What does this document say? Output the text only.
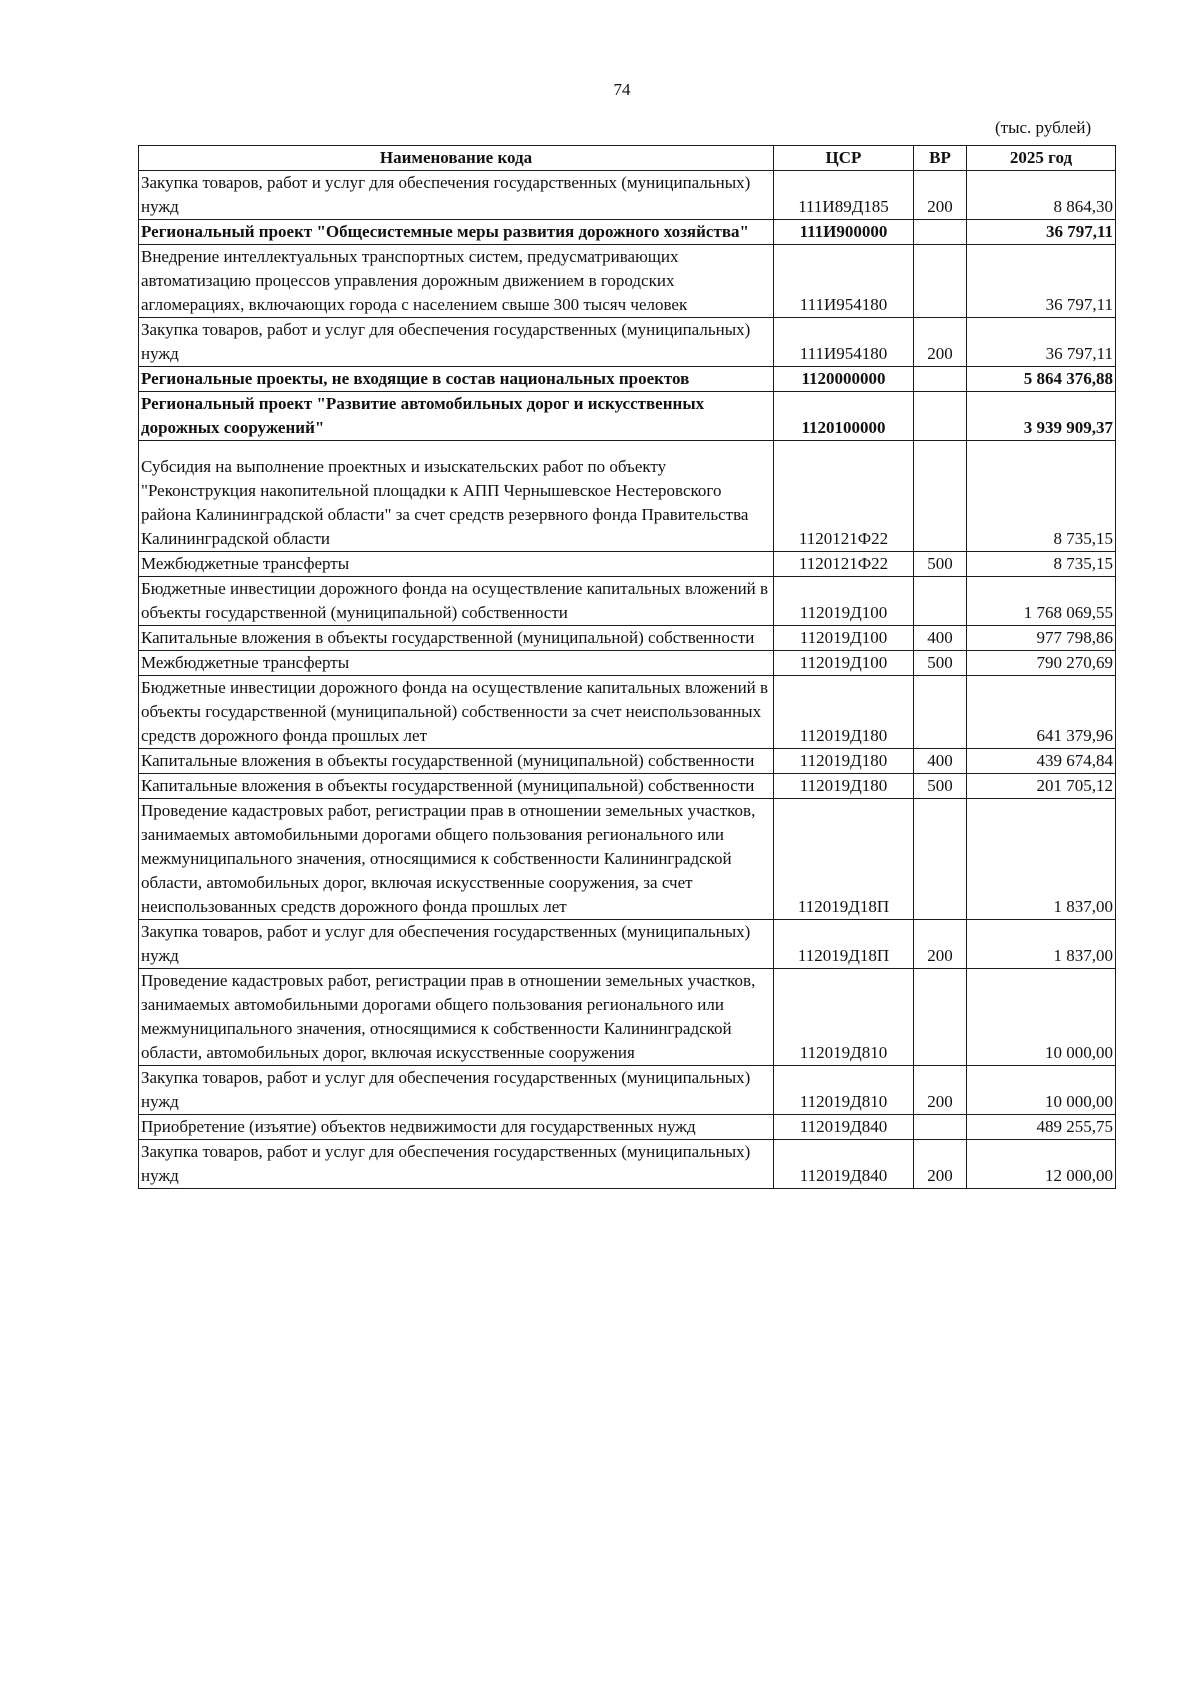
74
(тыс. рублей)
Наименование кода	ЦСР	ВР	2025 год
Закупка товаров, работ и услуг для обеспечения государственных (муниципальных) нужд	111И89Д185	200	8 864,30
Региональный проект "Общесистемные меры развития дорожного хозяйства"	111И900000		36 797,11
Внедрение интеллектуальных транспортных систем, предусматривающих автоматизацию процессов управления дорожным движением в городских агломерациях, включающих города с населением свыше 300 тысяч человек	111И954180		36 797,11
Закупка товаров, работ и услуг для обеспечения государственных (муниципальных) нужд	111И954180	200	36 797,11
Региональные проекты, не входящие в состав национальных проектов	1120000000		5 864 376,88
Региональный проект "Развитие автомобильных дорог и искусственных дорожных сооружений"	1120100000		3 939 909,37
Субсидия на выполнение проектных и изыскательских работ по объекту "Реконструкция накопительной площадки к АПП Чернышевское Нестеровского района Калининградской области" за счет средств резервного фонда Правительства Калининградской области	1120121Ф22		8 735,15
Межбюджетные трансферты	1120121Ф22	500	8 735,15
Бюджетные инвестиции дорожного фонда на осуществление капитальных вложений в объекты государственной (муниципальной) собственности	112019Д100		1 768 069,55
Капитальные вложения в объекты государственной (муниципальной) собственности	112019Д100	400	977 798,86
Межбюджетные трансферты	112019Д100	500	790 270,69
Бюджетные инвестиции дорожного фонда на осуществление капитальных вложений в объекты государственной (муниципальной) собственности за счет неиспользованных средств дорожного фонда прошлых лет	112019Д180		641 379,96
Капитальные вложения в объекты государственной (муниципальной) собственности	112019Д180	400	439 674,84
Капитальные вложения в объекты государственной (муниципальной) собственности	112019Д180	500	201 705,12
Проведение кадастровых работ, регистрации прав в отношении земельных участков, занимаемых автомобильными дорогами общего пользования регионального или межмуниципального значения, относящимися к собственности Калининградской области, автомобильных дорог, включая искусственные сооружения, за счет неиспользованных средств дорожного фонда прошлых лет	112019Д18П		1 837,00
Закупка товаров, работ и услуг для обеспечения государственных (муниципальных) нужд	112019Д18П	200	1 837,00
Проведение кадастровых работ, регистрации прав в отношении земельных участков, занимаемых автомобильными дорогами общего пользования регионального или межмуниципального значения, относящимися к собственности Калининградской области, автомобильных дорог, включая искусственные сооружения	112019Д810		10 000,00
Закупка товаров, работ и услуг для обеспечения государственных (муниципальных) нужд	112019Д810	200	10 000,00
Приобретение (изъятие) объектов недвижимости для государственных нужд	112019Д840		489 255,75
Закупка товаров, работ и услуг для обеспечения государственных (муниципальных) нужд	112019Д840	200	12 000,00
